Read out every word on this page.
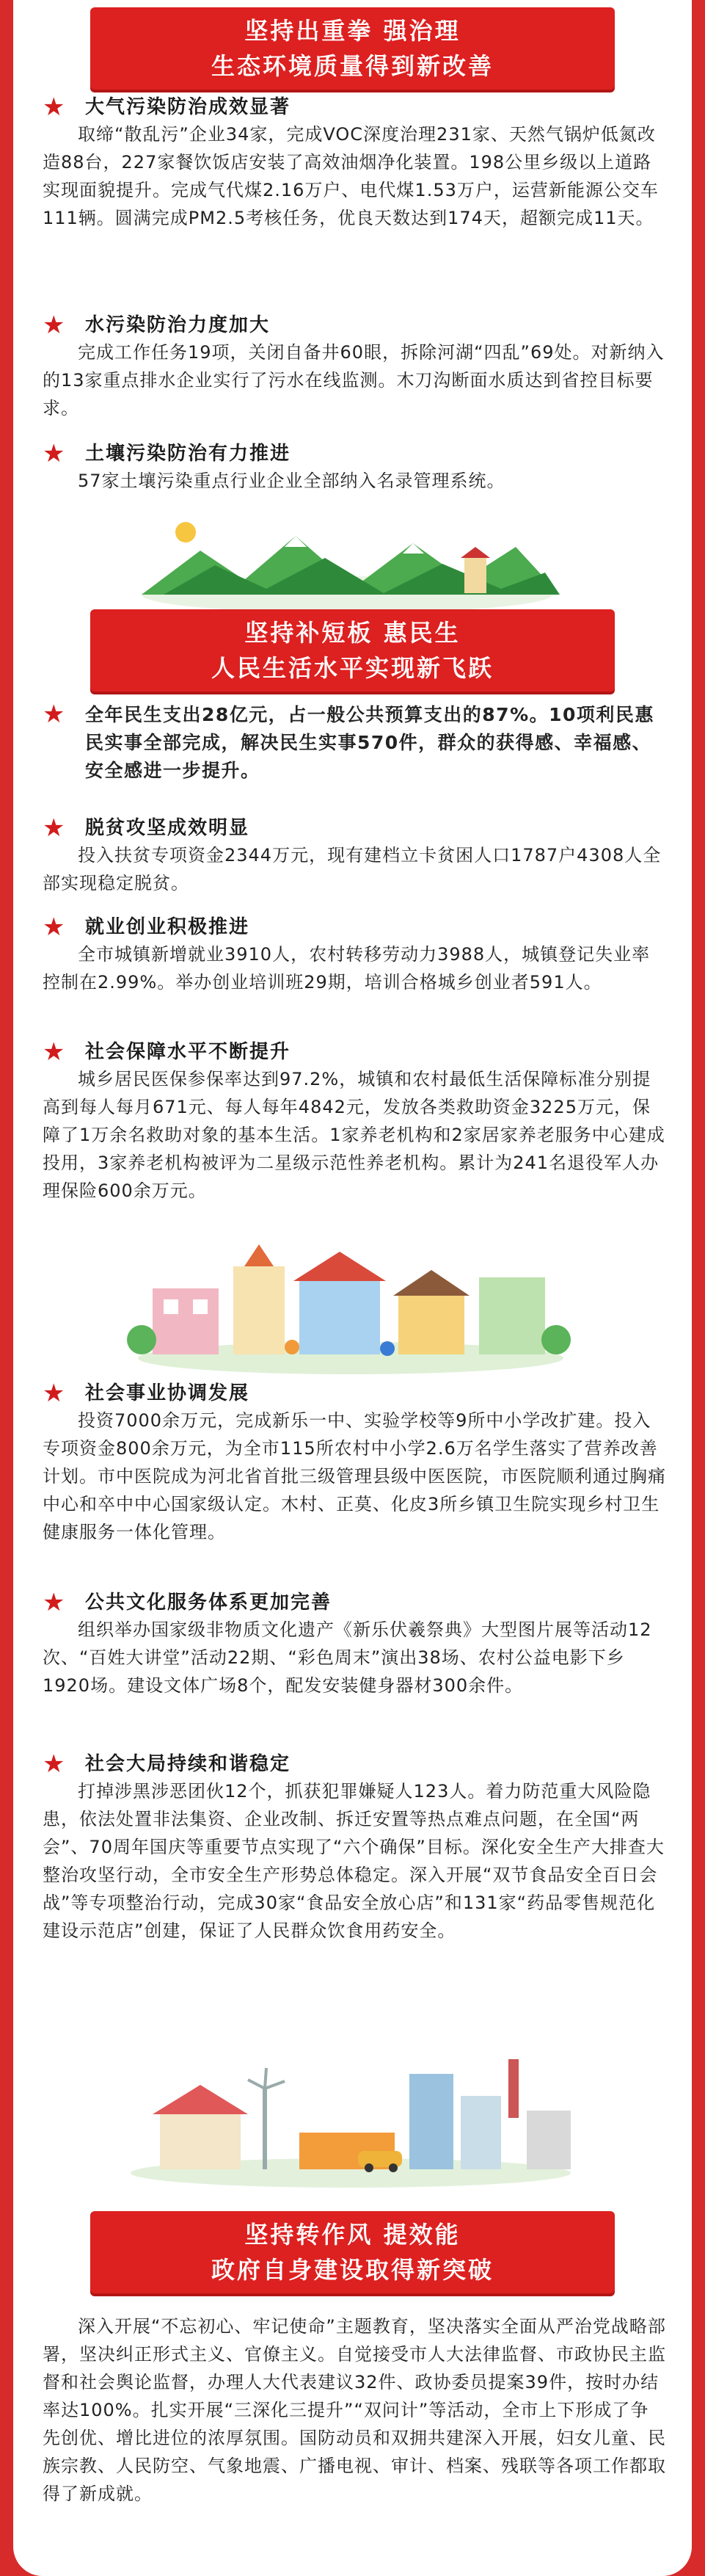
坚持出重拳 强治理
生态环境质量得到新改善
★ 大气污染防治成效显著

取缔“散乱污”企业34家，完成VOC深度治理231家、天然气锅炉低氮改造88台，227家餐饮饭店安装了高效油烟净化装置。198公里乡级以上道路实现面貌提升。完成气代煤2.16万户、电代煤1.53万户，运营新能源公交车111辆。圆满完成PM2.5考核任务，优良天数达到174天，超额完成11天。

★ 水污染防治力度加大

完成工作任务19项，关闭自备井60眼，拆除河湖“四乱”69处。对新纳入的13家重点排水企业实行了污水在线监测。木刀沟断面水质达到省控目标要求。

★ 土壤污染防治有力推进

57家土壤污染重点行业企业全部纳入名录管理系统。

坚持补短板 惠民生
人民生活水平实现新飞跃
★	全年民生支出28亿元，占一般公共预算支出的87%。10项利民惠民实事全部完成，解决民生实事570件，群众的获得感、幸福感、安全感进一步提升。

★ 脱贫攻坚成效明显

投入扶贫专项资金2344万元，现有建档立卡贫困人口1787户4308人全部实现稳定脱贫。

★ 就业创业积极推进

全市城镇新增就业3910人，农村转移劳动力3988人，城镇登记失业率控制在2.99%。举办创业培训班29期，培训合格城乡创业者591人。

★ 社会保障水平不断提升

城乡居民医保参保率达到97.2%，城镇和农村最低生活保障标准分别提高到每人每月671元、每人每年4842元，发放各类救助资金3225万元，保障了1万余名救助对象的基本生活。1家养老机构和2家居家养老服务中心建成投用，3家养老机构被评为二星级示范性养老机构。累计为241名退役军人办理保险600余万元。

★ 社会事业协调发展

投资7000余万元，完成新乐一中、实验学校等9所中小学改扩建。投入专项资金800余万元，为全市115所农村中小学2.6万名学生落实了营养改善计划。市中医院成为河北省首批三级管理县级中医医院，市医院顺利通过胸痛中心和卒中中心国家级认定。木村、正莫、化皮3所乡镇卫生院实现乡村卫生健康服务一体化管理。

★ 公共文化服务体系更加完善

组织举办国家级非物质文化遗产《新乐伏羲祭典》大型图片展等活动12次、“百姓大讲堂”活动22期、“彩色周末”演出38场、农村公益电影下乡1920场。建设文体广场8个，配发安装健身器材300余件。

★ 社会大局持续和谐稳定

打掉涉黑涉恶团伙12个，抓获犯罪嫌疑人123人。着力防范重大风险隐患，依法处置非法集资、企业改制、拆迁安置等热点难点问题，在全国“两会”、70周年国庆等重要节点实现了“六个确保”目标。深化安全生产大排查大整治攻坚行动，全市安全生产形势总体稳定。深入开展“双节食品安全百日会战”等专项整治行动，完成30家“食品安全放心店”和131家“药品零售规范化建设示范店”创建，保证了人民群众饮食用药安全。

坚持转作风 提效能
政府自身建设取得新突破

深入开展“不忘初心、牢记使命”主题教育，坚决落实全面从严治党战略部署，坚决纠正形式主义、官僚主义。自觉接受市人大法律监督、市政协民主监督和社会舆论监督，办理人大代表建议32件、政协委员提案39件，按时办结率达100%。扎实开展“三深化三提升”“双问计”等活动，全市上下形成了争先创优、增比进位的浓厚氛围。国防动员和双拥共建深入开展，妇女儿童、民族宗教、人民防空、气象地震、广播电视、审计、档案、残联等各项工作都取得了新成就。
